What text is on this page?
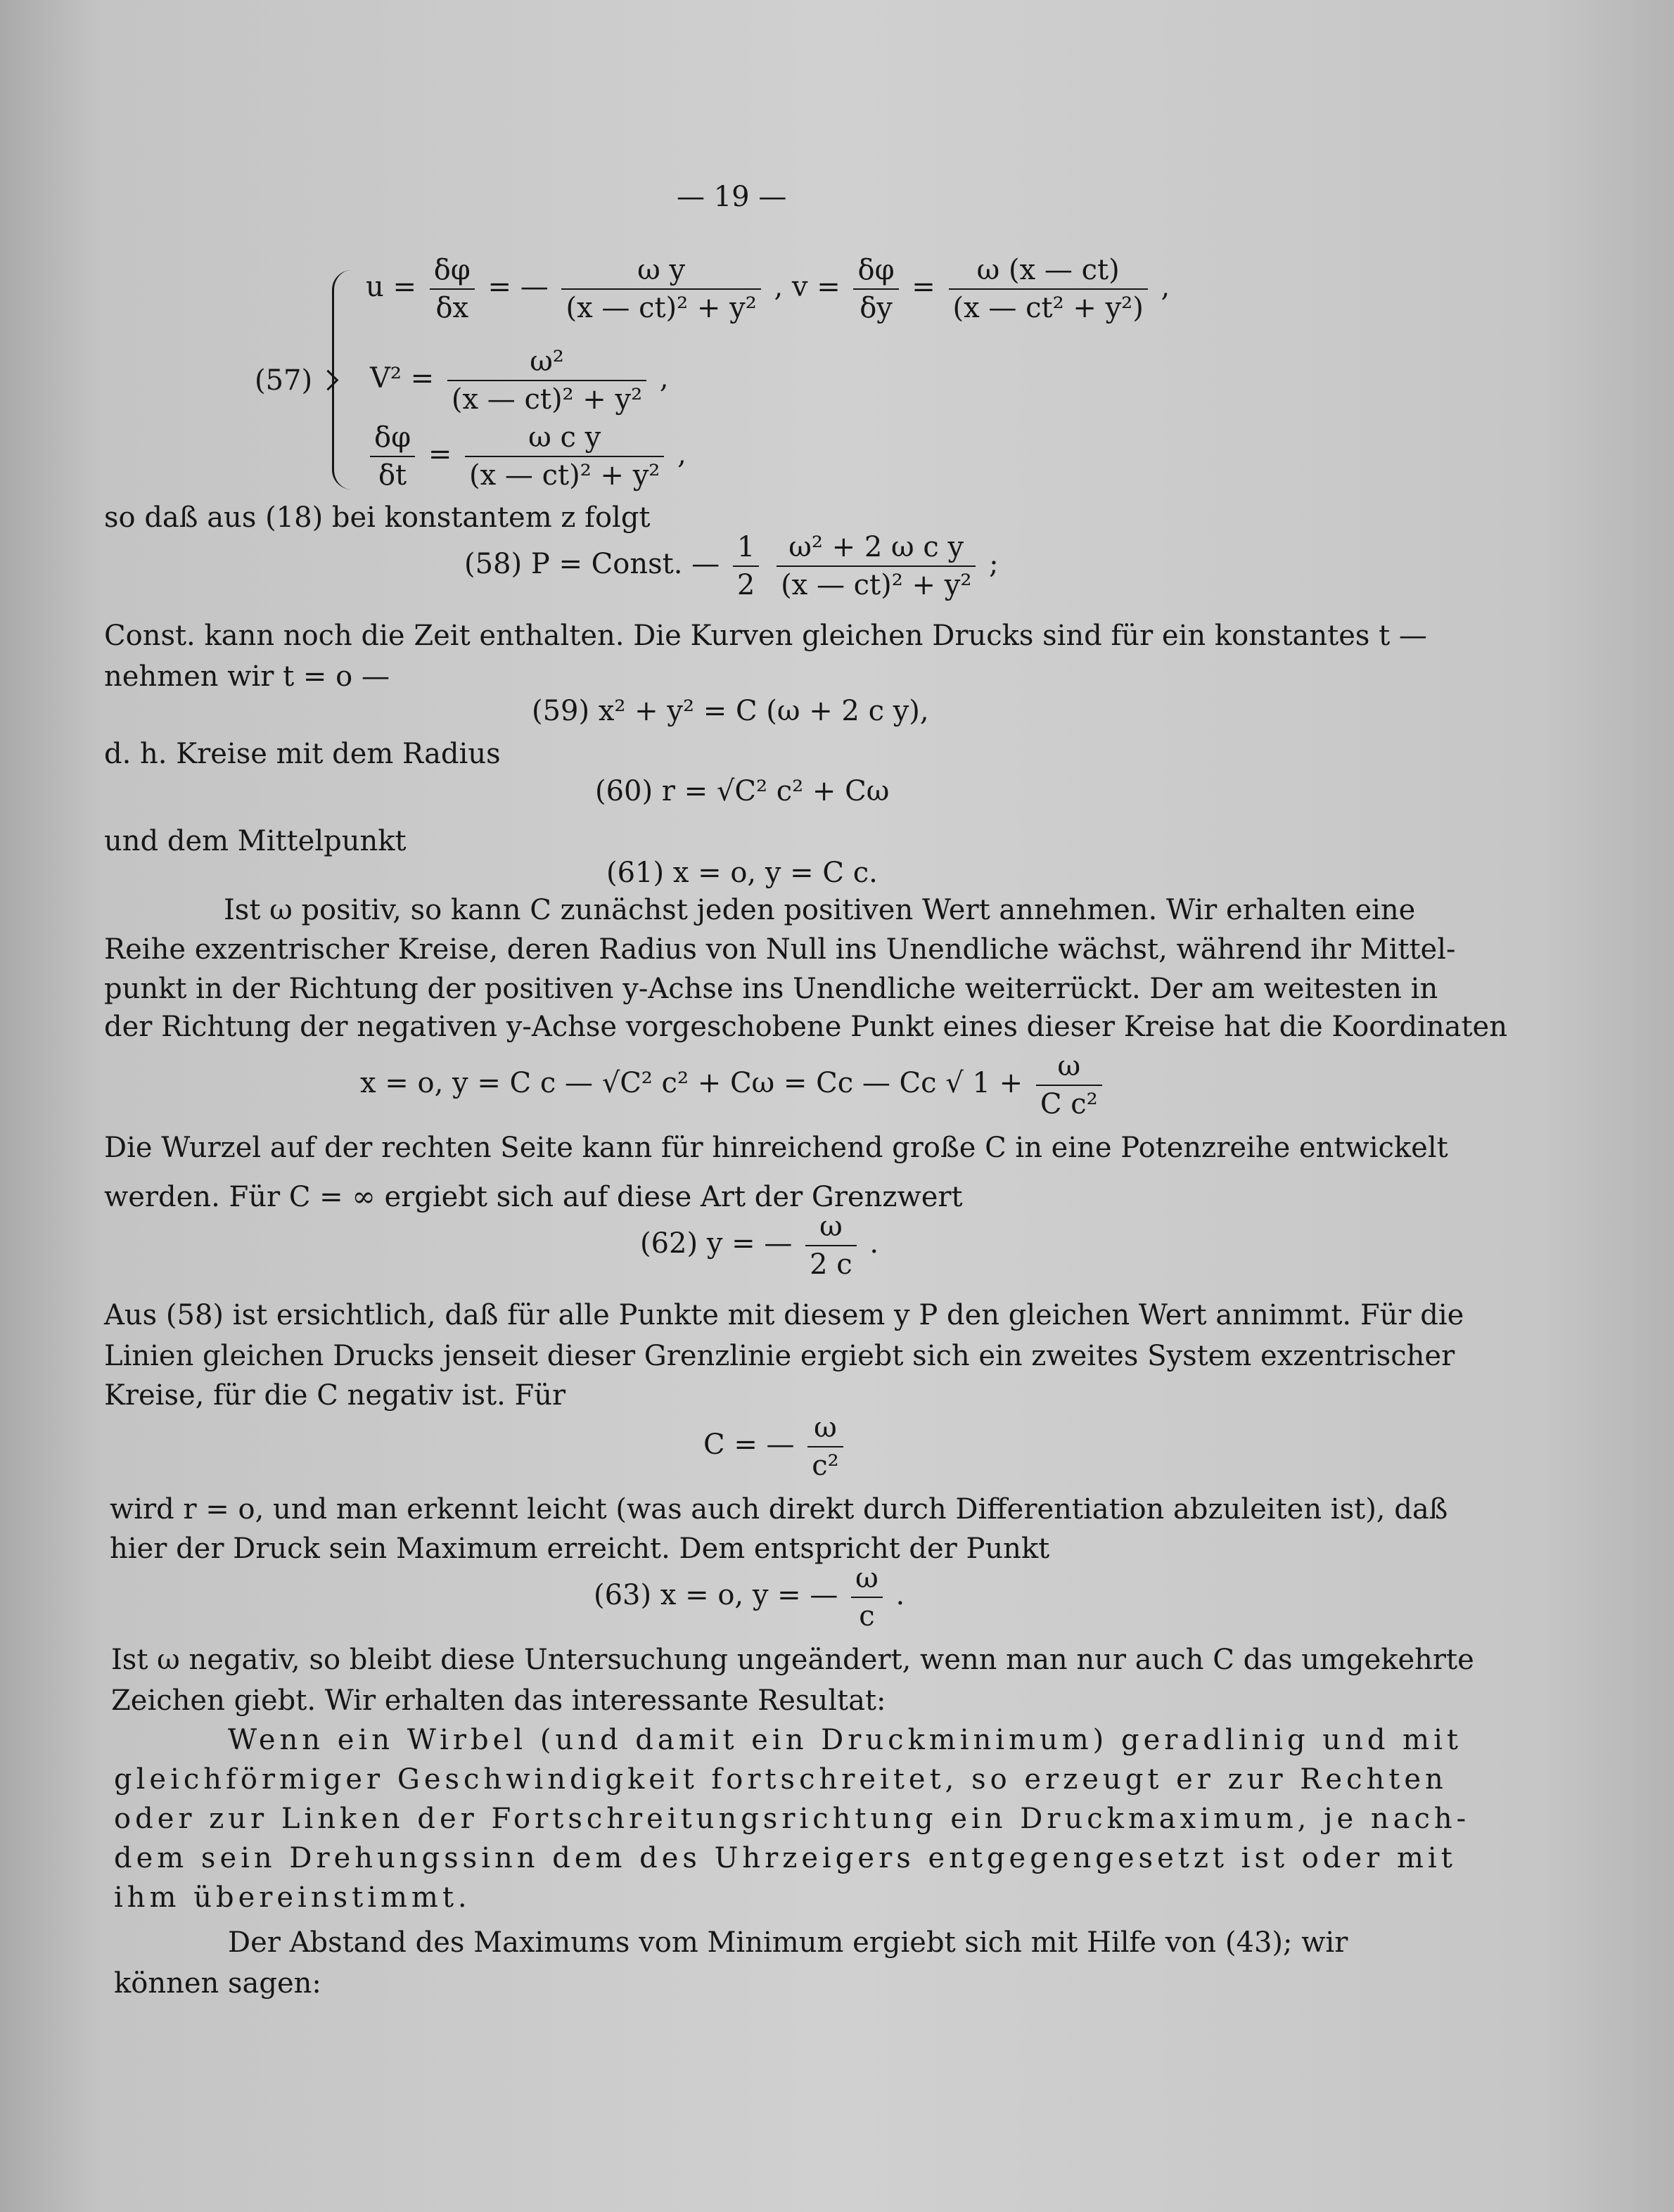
— 19 —
(57)
$u = \frac{\delta\varphi}{\delta x}$ = — $\frac{\text{ω y}}{\text{(x — ct)² + y²}}$ , $v = \frac{\delta\varphi}{\delta y} = \frac{\omega (x — ct)}{\text{(x — ct² + y²)}}$ ,
$V^2 = \frac{\text{ω²}}{\text{(x — ct)² + y²}}$ ,
$\frac{\delta\varphi}{\delta t} = \frac{\text{ω c y}}{\text{(x — ct)² + y²}}$ ,
so daß aus (18) bei konstantem z folgt
(58) P = Const. — $\frac{1}{2}$
$\frac{\text{ω² + 2 ω c y}}{\text{(x — ct)² + y²}}$ ;
Const. kann noch die Zeit enthalten. Die Kurven gleichen Drucks sind für ein konstantes t —
nehmen wir t = o —
(59) x² + y² = C (ω + 2 c y),
d. h. Kreise mit dem Radius
(60) r = √C² c² + Cω
und dem Mittelpunkt
(61) x = o, y = C c.
Ist ω positiv, so kann C zunächst jeden positiven Wert annehmen. Wir erhalten eine
Reihe exzentrischer Kreise, deren Radius von Null ins Unendliche wächst, während ihr Mittel-
punkt in der Richtung der positiven y-Achse ins Unendliche weiterrückt. Der am weitesten in
der Richtung der negativen y-Achse vorgeschobene Punkt eines dieser Kreise hat die Koordinaten
x = o, y = C c — √C² c² + Cω = Cc — Cc √ $1 + \frac{\omega}{\text{C c²}}$
Die Wurzel auf der rechten Seite kann für hinreichend große C in eine Potenzreihe entwickelt
werden. Für C = ∞ ergiebt sich auf diese Art der Grenzwert
(62) y = — $\frac{\omega}{2 c}$ .
Aus (58) ist ersichtlich, daß für alle Punkte mit diesem y P den gleichen Wert annimmt. Für die
Linien gleichen Drucks jenseit dieser Grenzlinie ergiebt sich ein zweites System exzentrischer
Kreise, für die C negativ ist. Für
C = — $\frac{\omega}{\text{c²}}$
wird r = o, und man erkennt leicht (was auch direkt durch Differentiation abzuleiten ist), daß
hier der Druck sein Maximum erreicht. Dem entspricht der Punkt
(63) x = o, y = — $\frac{\omega}{c}$ .
Ist ω negativ, so bleibt diese Untersuchung ungeändert, wenn man nur auch C das umgekehrte
Zeichen giebt. Wir erhalten das interessante Resultat:
Wenn ein Wirbel (und damit ein Druckminimum) geradlinig und mit
gleichförmiger Geschwindigkeit fortschreitet, so erzeugt er zur Rechten
oder zur Linken der Fortschreitungsrichtung ein Druckmaximum, je nach-
dem sein Drehungssinn dem des Uhrzeigers entgegengesetzt ist oder mit
ihm übereinstimmt.
Der Abstand des Maximums vom Minimum ergiebt sich mit Hilfe von (43); wir
können sagen:
